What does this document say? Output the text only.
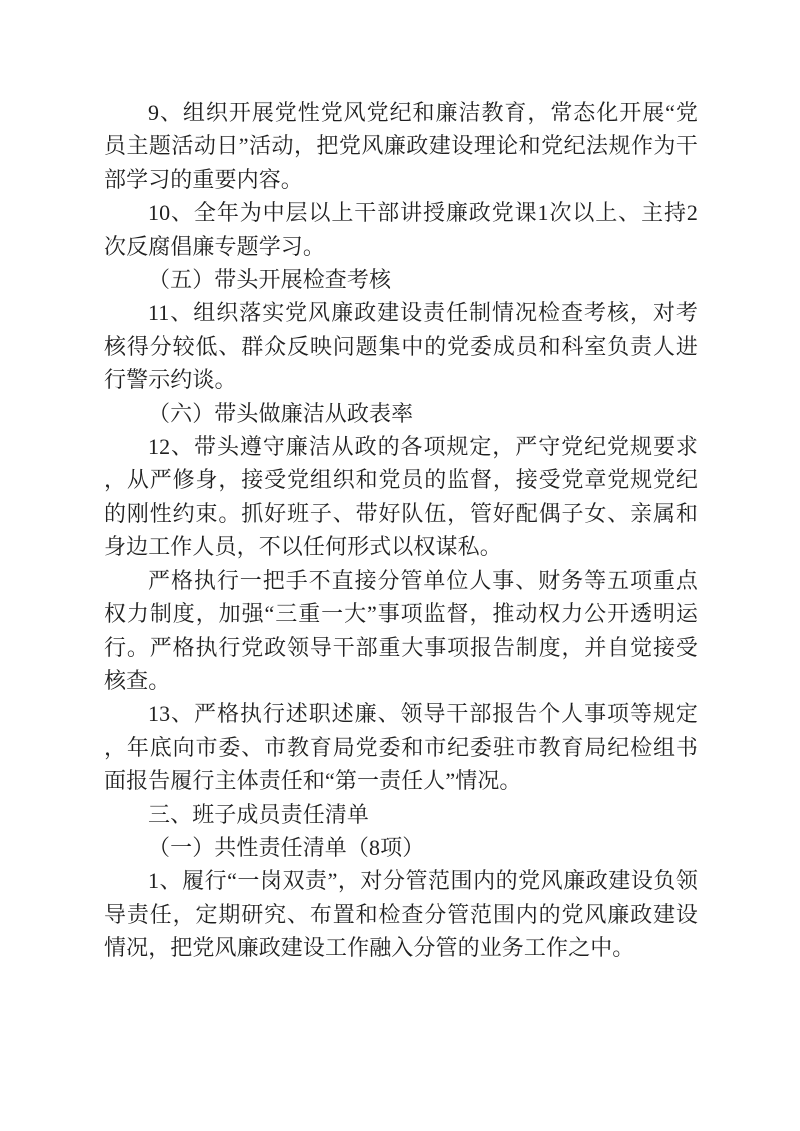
9、组织开展党性党风党纪和廉洁教育，常态化开展“党员主题活动日”活动，把党风廉政建设理论和党纪法规作为干部学习的重要内容。

10、全年为中层以上干部讲授廉政党课1次以上、主持2次反腐倡廉专题学习。

（五）带头开展检查考核

11、组织落实党风廉政建设责任制情况检查考核，对考核得分较低、群众反映问题集中的党委成员和科室负责人进行警示约谈。

（六）带头做廉洁从政表率

12、带头遵守廉洁从政的各项规定，严守党纪党规要求，从严修身，接受党组织和党员的监督，接受党章党规党纪的刚性约束。抓好班子、带好队伍，管好配偶子女、亲属和身边工作人员，不以任何形式以权谋私。

严格执行一把手不直接分管单位人事、财务等五项重点权力制度，加强“三重一大”事项监督，推动权力公开透明运行。严格执行党政领导干部重大事项报告制度，并自觉接受核查。

13、严格执行述职述廉、领导干部报告个人事项等规定，年底向市委、市教育局党委和市纪委驻市教育局纪检组书面报告履行主体责任和“第一责任人”情况。

三、班子成员责任清单

（一）共性责任清单（8项）

1、履行“一岗双责”，对分管范围内的党风廉政建设负领导责任，定期研究、布置和检查分管范围内的党风廉政建设情况，把党风廉政建设工作融入分管的业务工作之中。
